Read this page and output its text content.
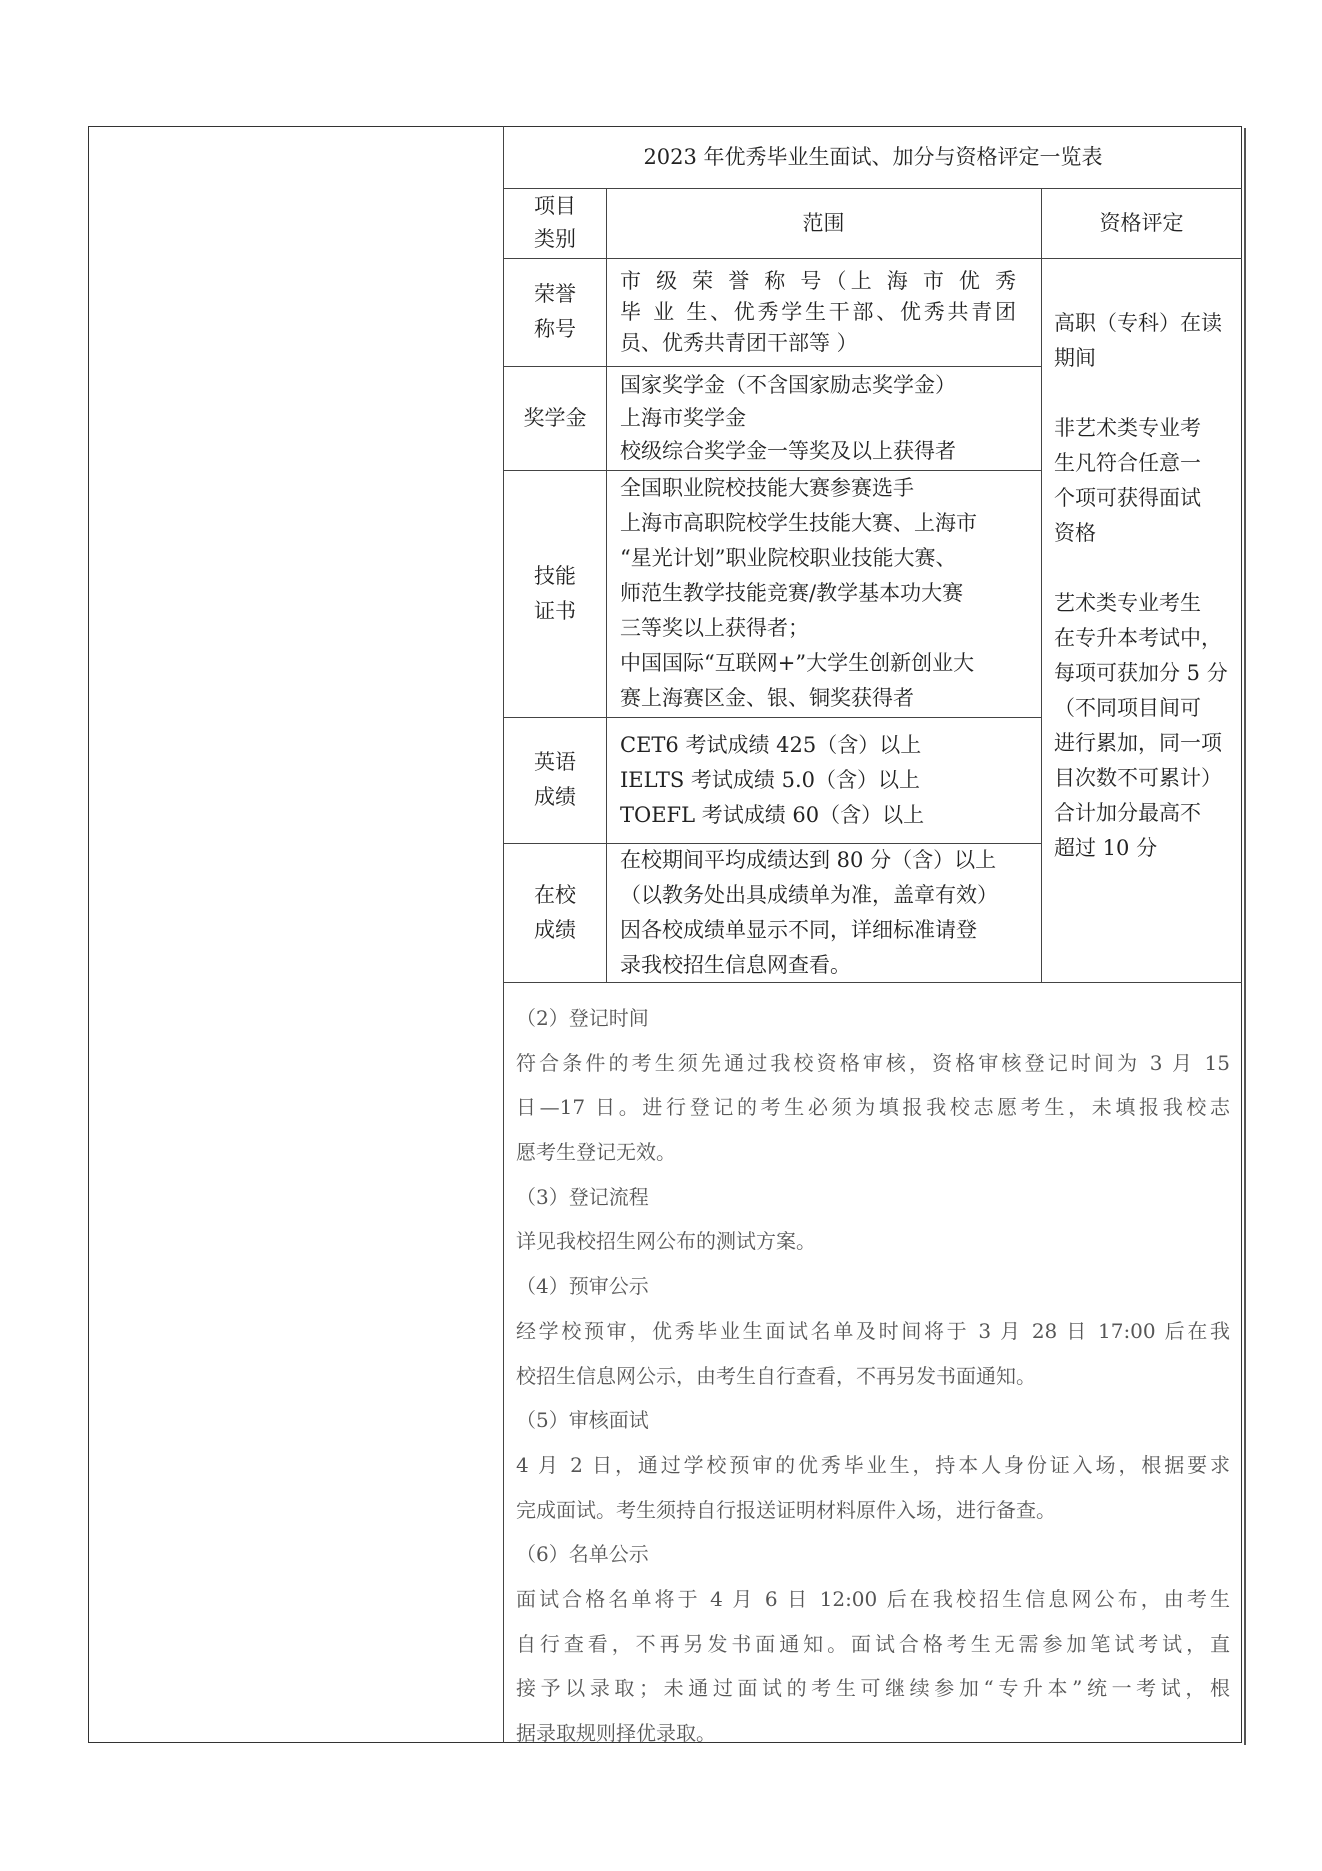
2023 年优秀毕业生面试、加分与资格评定一览表
项目
类别
范围	资格评定
荣誉
称号
市 级 荣 誉 称 号（上 海 市 优 秀
毕 业 生、优秀学生干部、优秀共青团
员、优秀共青团干部等 ）
奖学金
国家奖学金（不含国家励志奖学金）
上海市奖学金
校级综合奖学金一等奖及以上获得者
技能
证书
全国职业院校技能大赛参赛选手
上海市高职院校学生技能大赛、上海市
“星光计划”职业院校职业技能大赛、
师范生教学技能竞赛/教学基本功大赛
三等奖以上获得者；
中国国际“互联网+”大学生创新创业大
赛上海赛区金、银、铜奖获得者
英语
成绩
CET6 考试成绩 425（含）以上
IELTS 考试成绩 5.0（含）以上
TOEFL 考试成绩 60（含）以上
在校
成绩
在校期间平均成绩达到 80 分（含）以上
（以教务处出具成绩单为准，盖章有效）
因各校成绩单显示不同，详细标准请登
录我校招生信息网查看。
高职（专科）在读
期间
非艺术类专业考
生凡符合任意一
个项可获得面试
资格
艺术类专业考生
在专升本考试中，
每项可获加分 5 分
（不同项目间可
进行累加，同一项
目次数不可累计）
合计加分最高不
超过 10 分
（2）登记时间
符合条件的考生须先通过我校资格审核，资格审核登记时间为 3 月 15
日—17 日。进行登记的考生必须为填报我校志愿考生，未填报我校志
愿考生登记无效。
（3）登记流程
详见我校招生网公布的测试方案。
（4）预审公示
经学校预审，优秀毕业生面试名单及时间将于 3 月 28 日 17:00 后在我
校招生信息网公示，由考生自行查看，不再另发书面通知。
（5）审核面试
4 月 2 日，通过学校预审的优秀毕业生，持本人身份证入场，根据要求
完成面试。考生须持自行报送证明材料原件入场，进行备查。
（6）名单公示
面试合格名单将于 4 月 6 日 12:00 后在我校招生信息网公布，由考生
自行查看，不再另发书面通知。面试合格考生无需参加笔试考试，直
接予以录取；未通过面试的考生可继续参加“专升本”统一考试，根
据录取规则择优录取。
